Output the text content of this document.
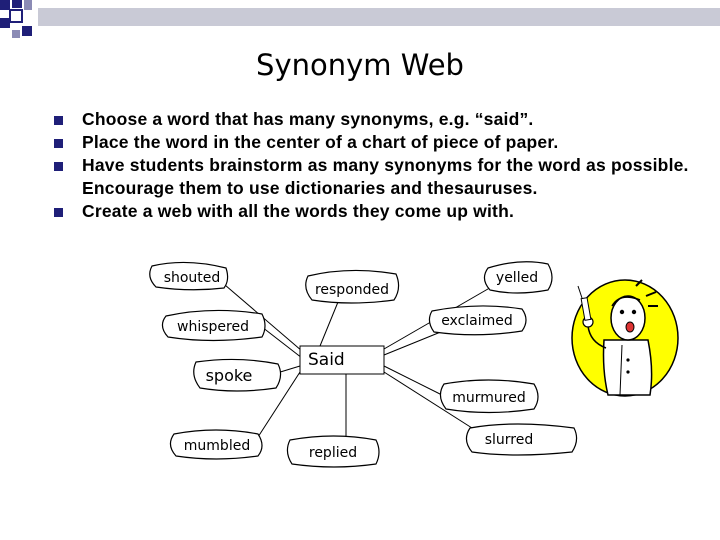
Synonym Web
Choose a word that has many synonyms, e.g. “said”.
Place the word in the center of a chart of piece of paper.
Have students brainstorm as many synonyms for the word as possible. Encourage them to use dictionaries and thesauruses.
Create a web with all the words they come up with.
shouted
responded
yelled
whispered	exclaimed
spoke
murmured
mumbled	replied
slurred
Said
